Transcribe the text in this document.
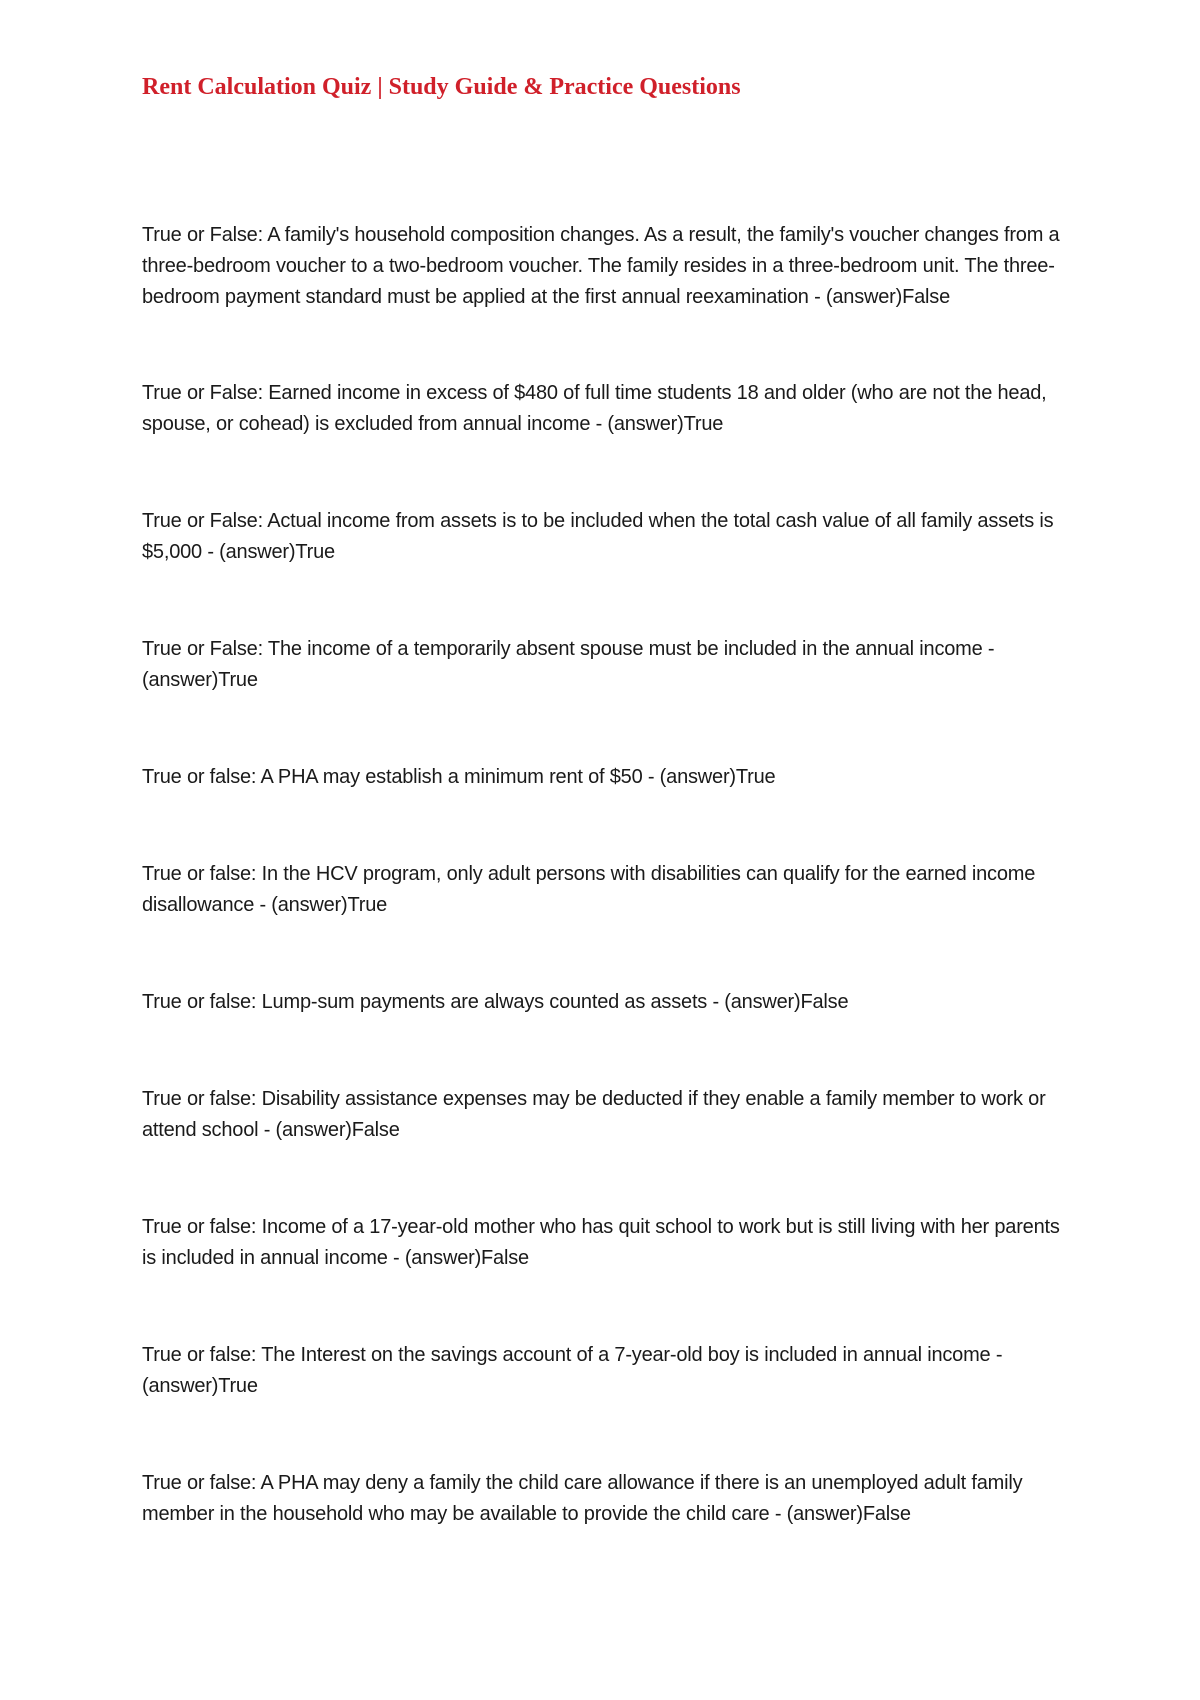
Rent Calculation Quiz | Study Guide & Practice Questions

True or False: A family's household composition changes. As a result, the family's voucher changes from a three-bedroom voucher to a two-bedroom voucher. The family resides in a three-bedroom unit. The three-bedroom payment standard must be applied at the first annual reexamination - (answer)False

True or False: Earned income in excess of $480 of full time students 18 and older (who are not the head, spouse, or cohead) is excluded from annual income - (answer)True

True or False: Actual income from assets is to be included when the total cash value of all family assets is $5,000 - (answer)True

True or False: The income of a temporarily absent spouse must be included in the annual income - (answer)True

True or false: A PHA may establish a minimum rent of $50 - (answer)True

True or false: In the HCV program, only adult persons with disabilities can qualify for the earned income disallowance - (answer)True

True or false: Lump-sum payments are always counted as assets - (answer)False

True or false: Disability assistance expenses may be deducted if they enable a family member to work or attend school - (answer)False

True or false: Income of a 17-year-old mother who has quit school to work but is still living with her parents is included in annual income - (answer)False

True or false: The Interest on the savings account of a 7-year-old boy is included in annual income - (answer)True

True or false: A PHA may deny a family the child care allowance if there is an unemployed adult family member in the household who may be available to provide the child care - (answer)False
